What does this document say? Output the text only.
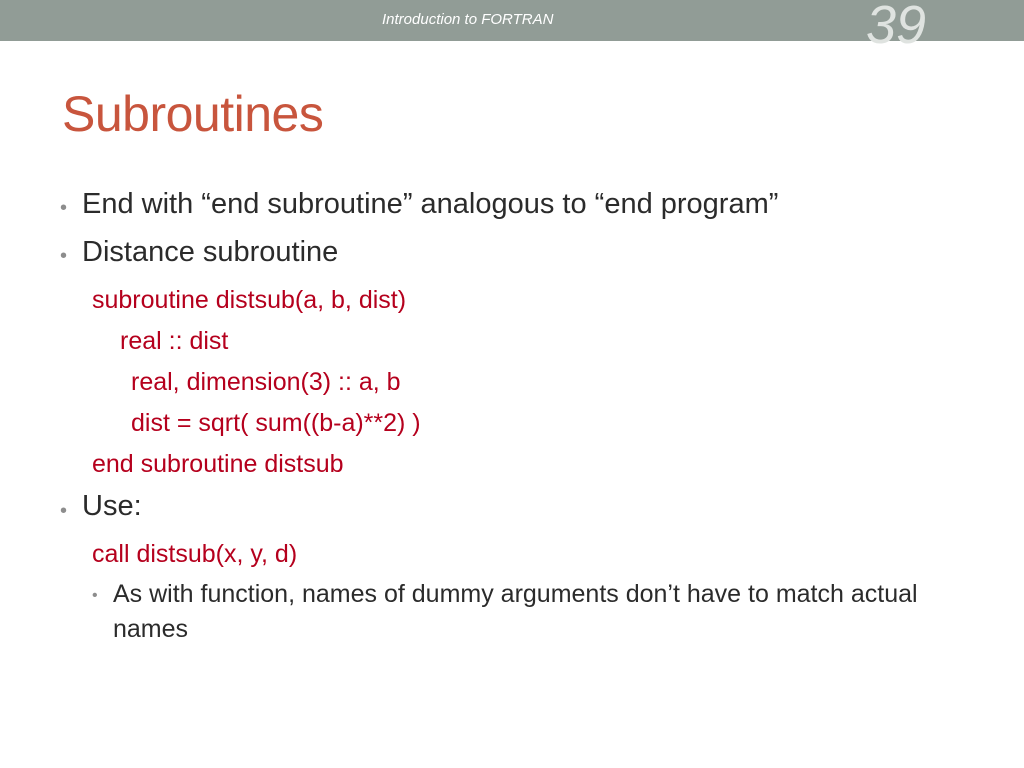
Introduction to FORTRAN	39
Subroutines
• End with “end subroutine” analogous to “end program”
• Distance subroutine
subroutine distsub(a, b, dist)
real :: dist
real, dimension(3) :: a, b
dist = sqrt( sum((b-a)**2) )
end subroutine distsub
• Use:
call distsub(x, y, d)
• As with function, names of dummy arguments don’t have to match actual names
